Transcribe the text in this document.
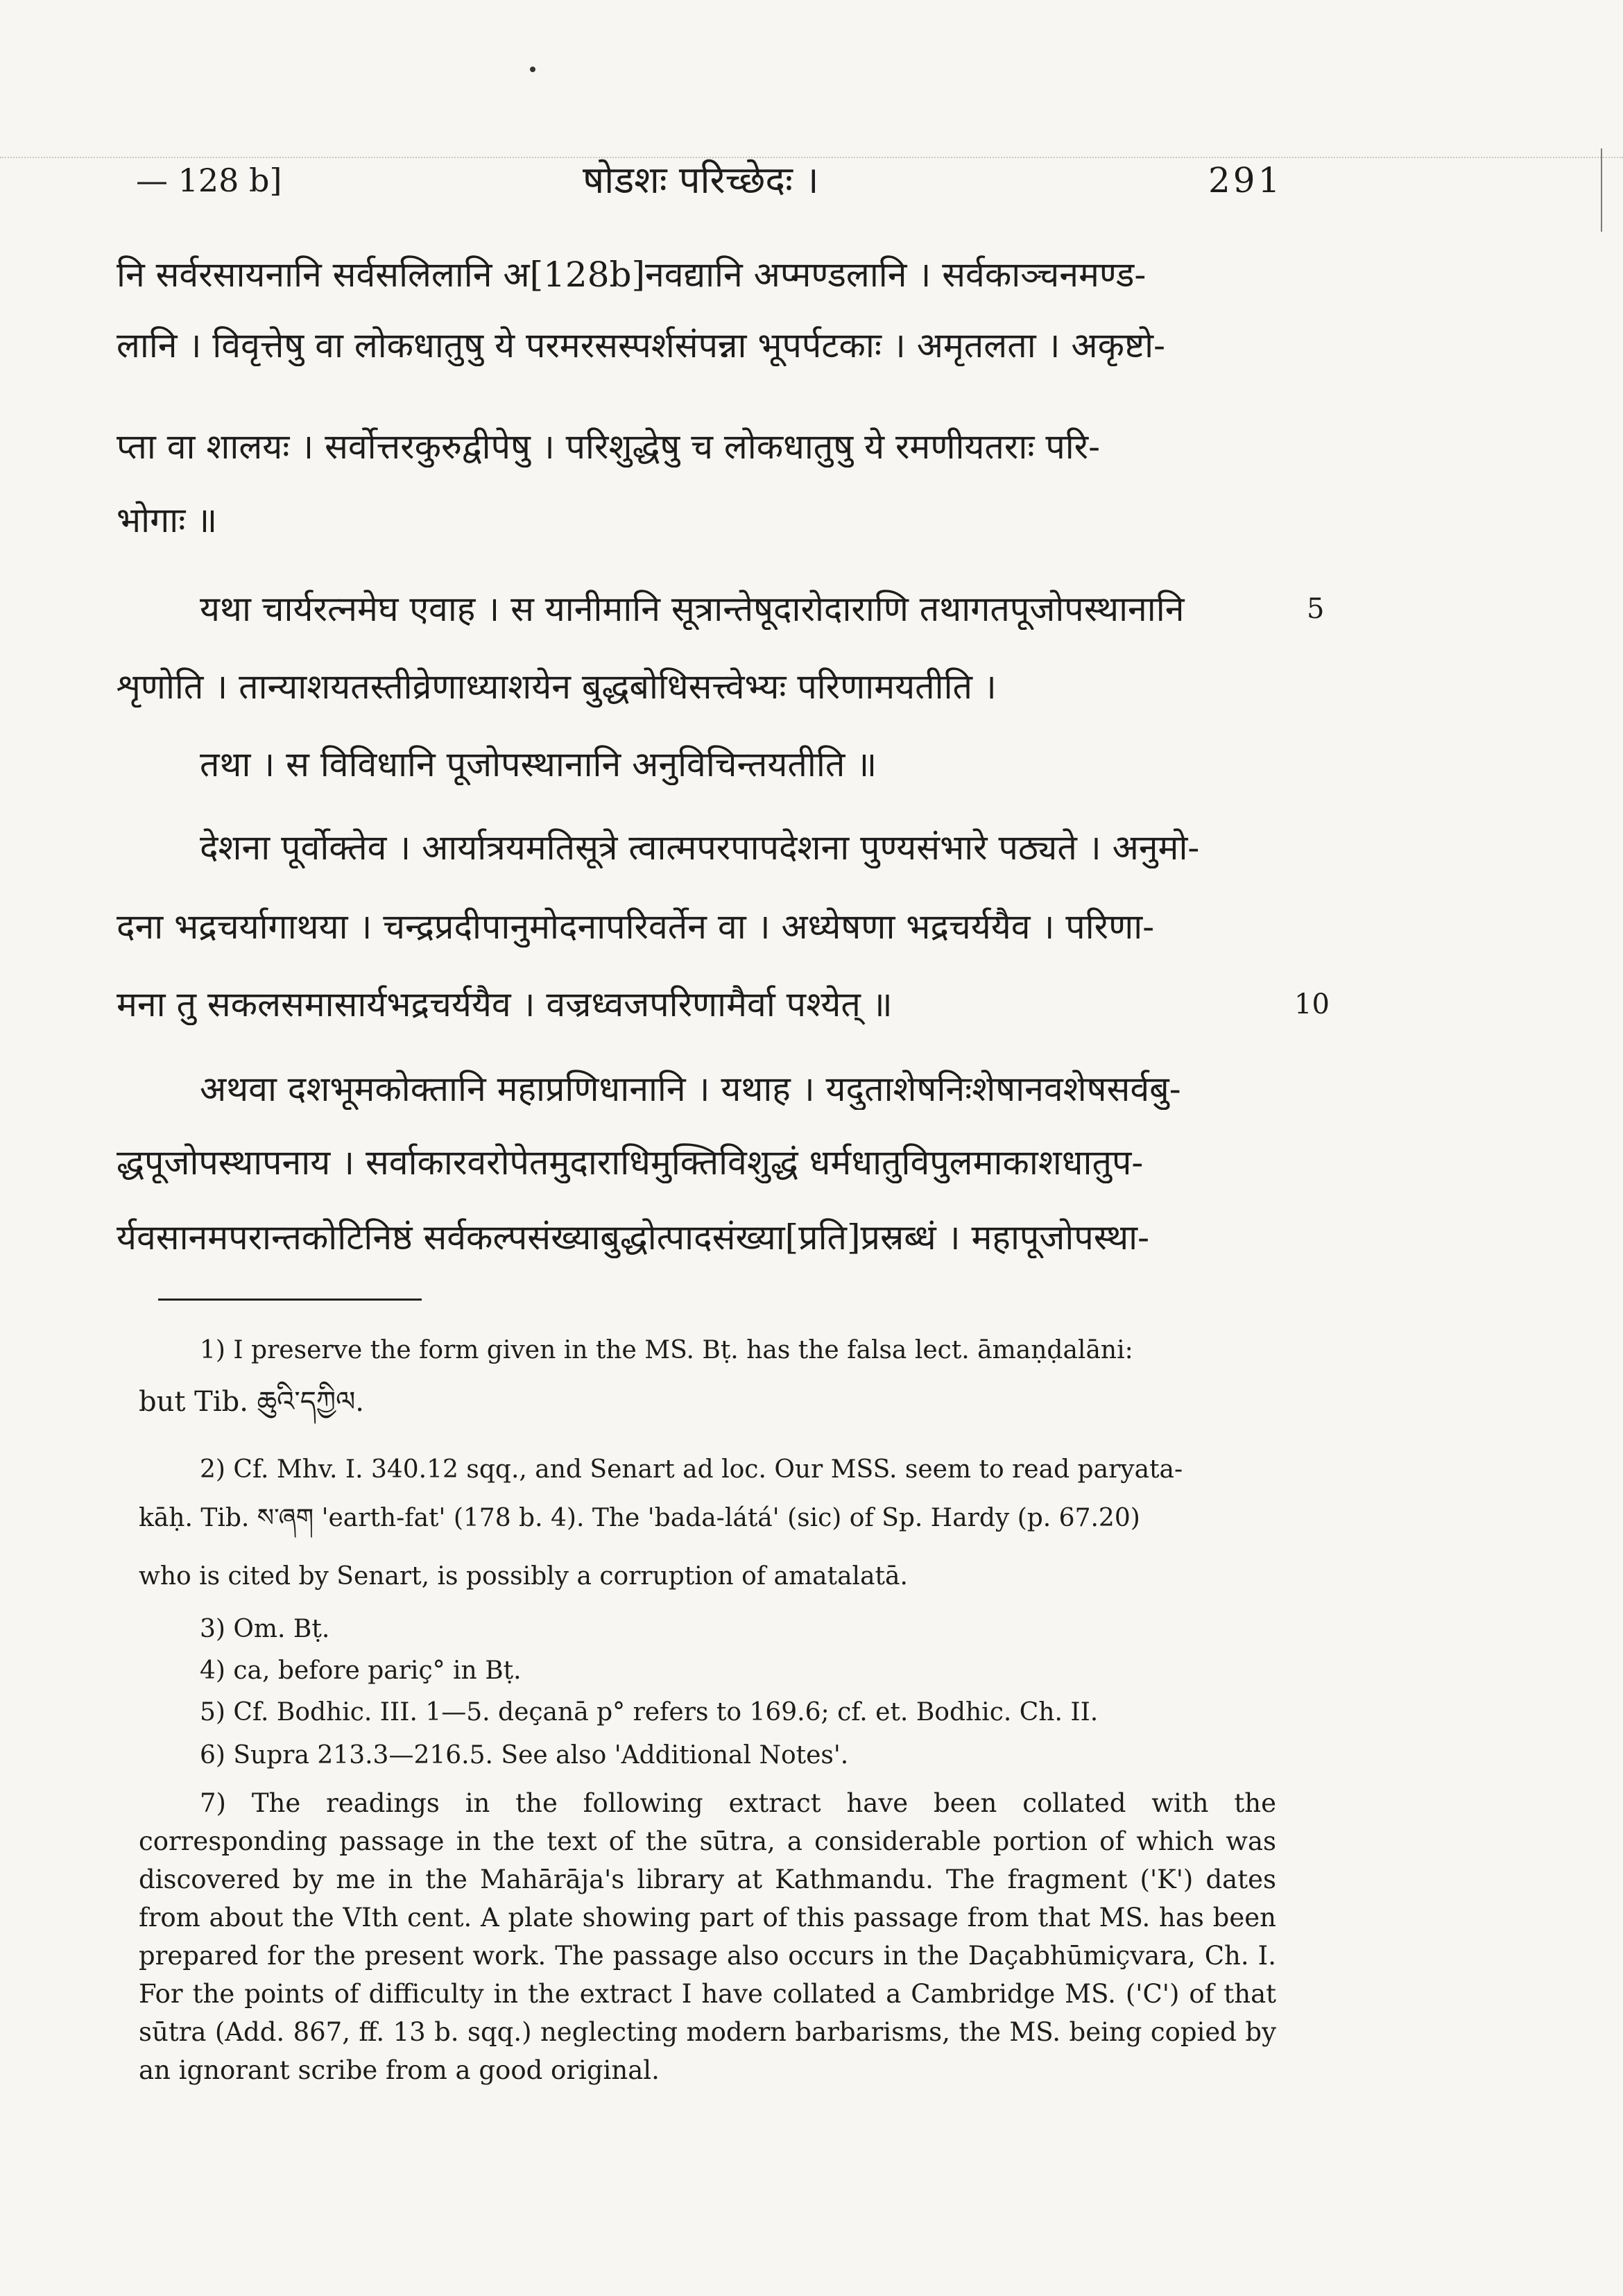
— 128 b]	षोडशः परिच्छेदः ।	291
नि सर्वरसायनानि सर्वसलिलानि अ[128b]नवद्यानि अप्मण्डलानि । सर्वकाञ्चनमण्ड-
लानि । विवृत्तेषु वा लोकधातुषु ये परमरसस्पर्शसंपन्ना भूपर्पटकाः । अमृतलता । अकृष्टो-
प्ता वा शालयः । सर्वोत्तरकुरुद्वीपेषु । परिशुद्धेषु च लोकधातुषु ये रमणीयतराः परि-
भोगाः ॥
यथा चार्यरत्नमेघ एवाह । स यानीमानि सूत्रान्तेषूदारोदाराणि तथागतपूजोपस्थानानि	5
शृणोति । तान्याशयतस्तीव्रेणाध्याशयेन बुद्धबोधिसत्त्वेभ्यः परिणामयतीति ।
तथा । स विविधानि पूजोपस्थानानि अनुविचिन्तयतीति ॥
देशना पूर्वोक्तेव । आर्यात्रयमतिसूत्रे त्वात्मपरपापदेशना पुण्यसंभारे पठ्यते । अनुमो-
दना भद्रचर्यागाथया । चन्द्रप्रदीपानुमोदनापरिवर्तेन वा । अध्येषणा भद्रचर्ययैव । परिणा-
मना तु सकलसमासार्यभद्रचर्ययैव । वज्रध्वजपरिणामैर्वा पश्येत् ॥	10
अथवा दशभूमकोक्तानि महाप्रणिधानानि । यथाह । यदुताशेषनिःशेषानवशेषसर्वबु-
द्धपूजोपस्थापनाय । सर्वाकारवरोपेतमुदाराधिमुक्तिविशुद्धं धर्मधातुविपुलमाकाशधातुप-
र्यवसानमपरान्तकोटिनिष्ठं सर्वकल्पसंख्याबुद्धोत्पादसंख्या[प्रति]प्रस्रब्धं । महापूजोपस्था-
1) I preserve the form given in the MS. Bṭ. has the falsa lect. āmaṇḍalāni:
but Tib. ཆུའི་དཀྱིལ.
2) Cf. Mhv. I. 340.12 sqq., and Senart ad loc. Our MSS. seem to read paryata-
kāḥ. Tib. ས་ཞག 'earth-fat' (178 b. 4). The 'bada-látá' (sic) of Sp. Hardy (p. 67.20)
who is cited by Senart, is possibly a corruption of amatalatā.
3) Om. Bṭ.
4) ca, before pariç° in Bṭ.
5) Cf. Bodhic. III. 1—5. deçanā p° refers to 169.6; cf. et. Bodhic. Ch. II.
6) Supra 213.3—216.5. See also 'Additional Notes'.
7) The readings in the following extract have been collated with the corresponding passage in the text of the sūtra, a considerable portion of which was discovered by me in the Mahārāja's library at Kathmandu. The fragment ('K') dates from about the VIth cent. A plate showing part of this passage from that MS. has been prepared for the present work. The passage also occurs in the Daçabhūmiçvara, Ch. I. For the points of difficulty in the extract I have collated a Cambridge MS. ('C') of that sūtra (Add. 867, ff. 13 b. sqq.) neglecting modern barbarisms, the MS. being copied by an ignorant scribe from a good original.
